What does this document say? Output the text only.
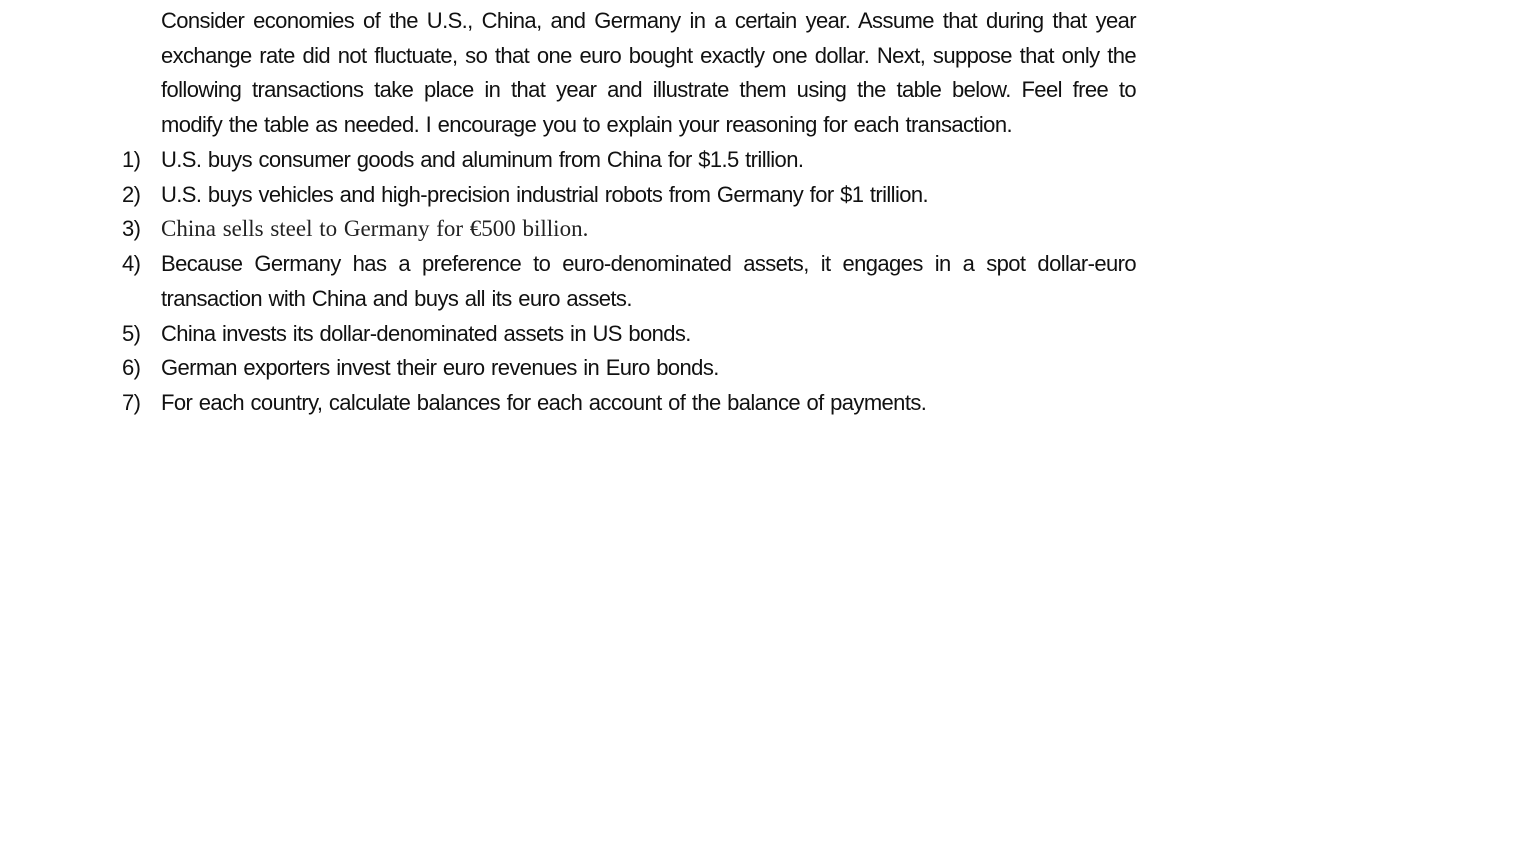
Consider economies of the U.S., China, and Germany in a certain year. Assume that during that year exchange rate did not fluctuate, so that one euro bought exactly one dollar. Next, suppose that only the following transactions take place in that year and illustrate them using the table below. Feel free to modify the table as needed. I encourage you to explain your reasoning for each transaction.

1) U.S. buys consumer goods and aluminum from China for $1.5 trillion.
2) U.S. buys vehicles and high-precision industrial robots from Germany for $1 trillion.
3) China sells steel to Germany for €500 billion.
4) Because Germany has a preference to euro-denominated assets, it engages in a spot dollar-euro transaction with China and buys all its euro assets.
5) China invests its dollar-denominated assets in US bonds.
6) German exporters invest their euro revenues in Euro bonds.
7) For each country, calculate balances for each account of the balance of payments.
